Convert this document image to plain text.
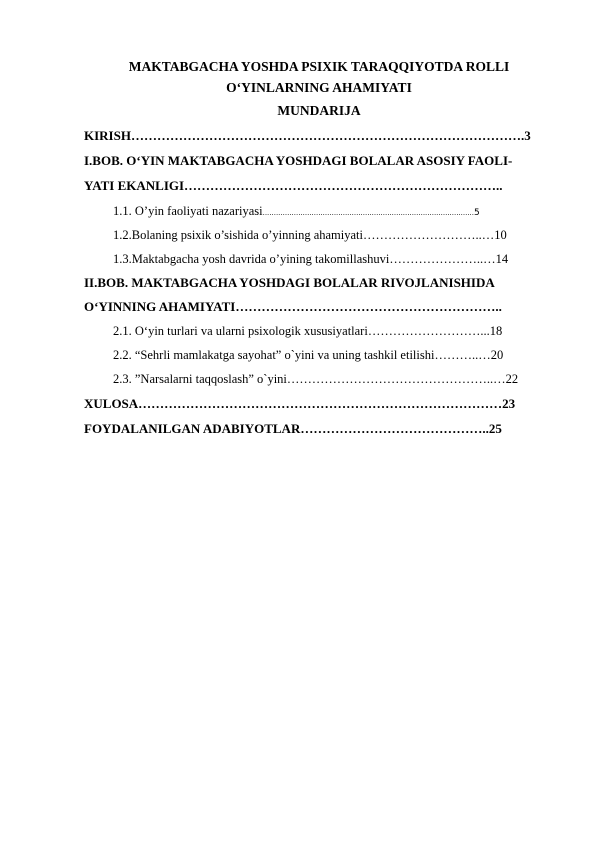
MAKTABGACHA YOSHDA PSIXIK TARAQQIYOTDA ROLLI
O‘YINLARNING AHAMIYATI
MUNDARIJA
KIRISH……………………………………………………………………………….3
I.BOB. O‘YIN MAKTABGACHA YOSHDAGI BOLALAR ASOSIY FAOLI-
YATI EKANLIGI………………………………………………………………..
1.1. O’yin faoliyati nazariyasi...............................................................................................5
1.2.Bolaning psixik o’sishida o’yinning ahamiyati………………………..…10
1.3.Maktabgacha yosh davrida o’yining takomillashuvi…………………..…14
II.BOB. MAKTABGACHA YOSHDAGI BOLALAR RIVOJLANISHIDA
O‘YINNING AHAMIYATI……………………………………………………..
2.1. O‘yin turlari va ularni psixologik xususiyatlari………………………...18
2.2. “Sehrli mamlakatga sayohat” o`yini va uning tashkil etilishi………..…20
2.3. ”Narsalarni taqqoslash” o`yini…………………………………………..…22
XULOSA…………………………………………………………………………23
FOYDALANILGAN ADABIYOTLAR……………………………………..25
